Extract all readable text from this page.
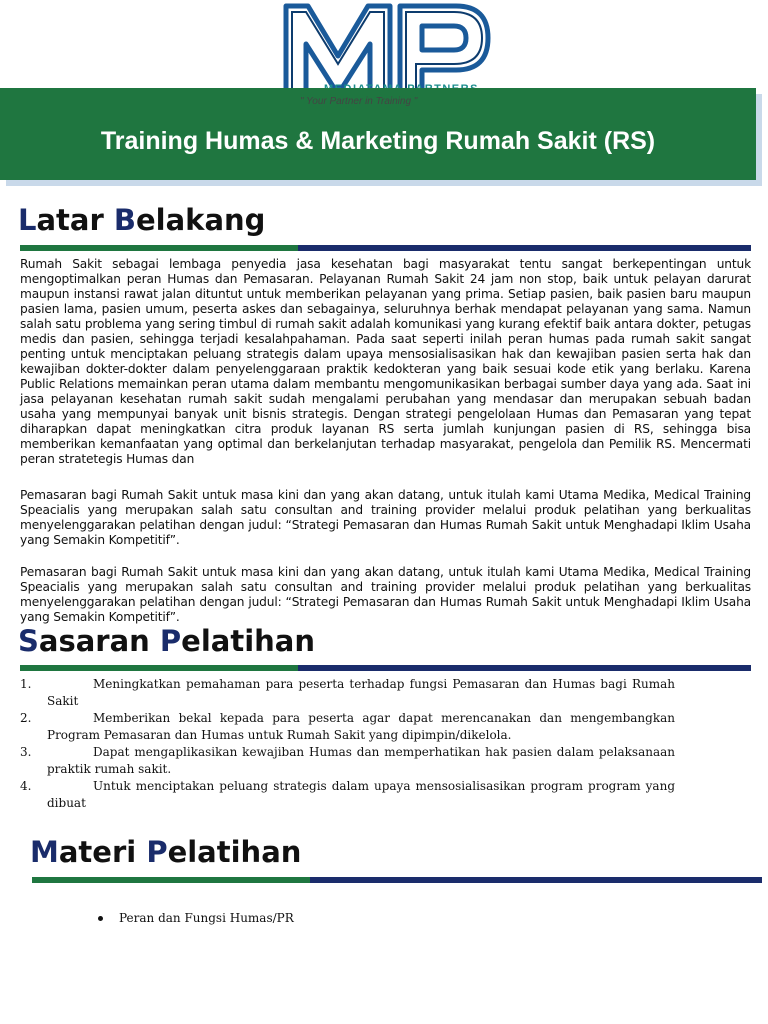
Training Humas & Marketing Rumah Sakit (RS)
" Your Partner in Training "
Latar Belakang

Rumah Sakit sebagai lembaga penyedia jasa kesehatan bagi masyarakat tentu sangat berkepentingan untuk mengoptimalkan peran Humas dan Pemasaran. Pelayanan Rumah Sakit 24 jam non stop, baik untuk pelayan darurat maupun instansi rawat jalan dituntut untuk memberikan pelayanan yang prima. Setiap pasien, baik pasien baru maupun pasien lama, pasien umum, peserta askes dan sebagainya, seluruhnya berhak mendapat pelayanan yang sama. Namun salah satu problema yang sering timbul di rumah sakit adalah komunikasi yang kurang efektif baik antara dokter, petugas medis dan pasien, sehingga terjadi kesalahpahaman. Pada saat seperti inilah peran humas pada rumah sakit sangat penting untuk menciptakan peluang strategis dalam upaya mensosialisasikan hak dan kewajiban pasien serta hak dan kewajiban dokter-dokter dalam penyelenggaraan praktik kedokteran yang baik sesuai kode etik yang berlaku. Karena Public Relations memainkan peran utama dalam membantu mengomunikasikan berbagai sumber daya yang ada. Saat ini jasa pelayanan kesehatan rumah sakit sudah mengalami perubahan yang mendasar dan merupakan sebuah badan usaha yang mempunyai banyak unit bisnis strategis. Dengan strategi pengelolaan Humas dan Pemasaran yang tepat diharapkan dapat meningkatkan citra produk layanan RS serta jumlah kunjungan pasien di RS, sehingga bisa memberikan kemanfaatan yang optimal dan berkelanjutan terhadap masyarakat, pengelola dan Pemilik RS. Mencermati peran stratetegis Humas dan

Pemasaran bagi Rumah Sakit untuk masa kini dan yang akan datang, untuk itulah kami Utama Medika, Medical Training Speacialis yang merupakan salah satu consultan and training provider melalui produk pelatihan yang berkualitas menyelenggarakan pelatihan dengan judul: “Strategi Pemasaran dan Humas Rumah Sakit untuk Menghadapi Iklim Usaha yang Semakin Kompetitif”.

Pemasaran bagi Rumah Sakit untuk masa kini dan yang akan datang, untuk itulah kami Utama Medika, Medical Training Speacialis yang merupakan salah satu consultan and training provider melalui produk pelatihan yang berkualitas menyelenggarakan pelatihan dengan judul: “Strategi Pemasaran dan Humas Rumah Sakit untuk Menghadapi Iklim Usaha yang Semakin Kompetitif”.

Sasaran Pelatihan
1.	Meningkatkan pemahaman para peserta terhadap fungsi Pemasaran dan Humas bagi Rumah Sakit
2.	Memberikan bekal kepada para peserta agar dapat merencanakan dan mengembangkan Program Pemasaran dan Humas untuk Rumah Sakit yang dipimpin/dikelola.
3.	Dapat mengaplikasikan kewajiban Humas dan memperhatikan hak pasien dalam pelaksanaan praktik rumah sakit.
4.	Untuk menciptakan peluang strategis dalam upaya mensosialisasikan program program yang dibuat
Materi Pelatihan
Peran dan Fungsi Humas/PR
